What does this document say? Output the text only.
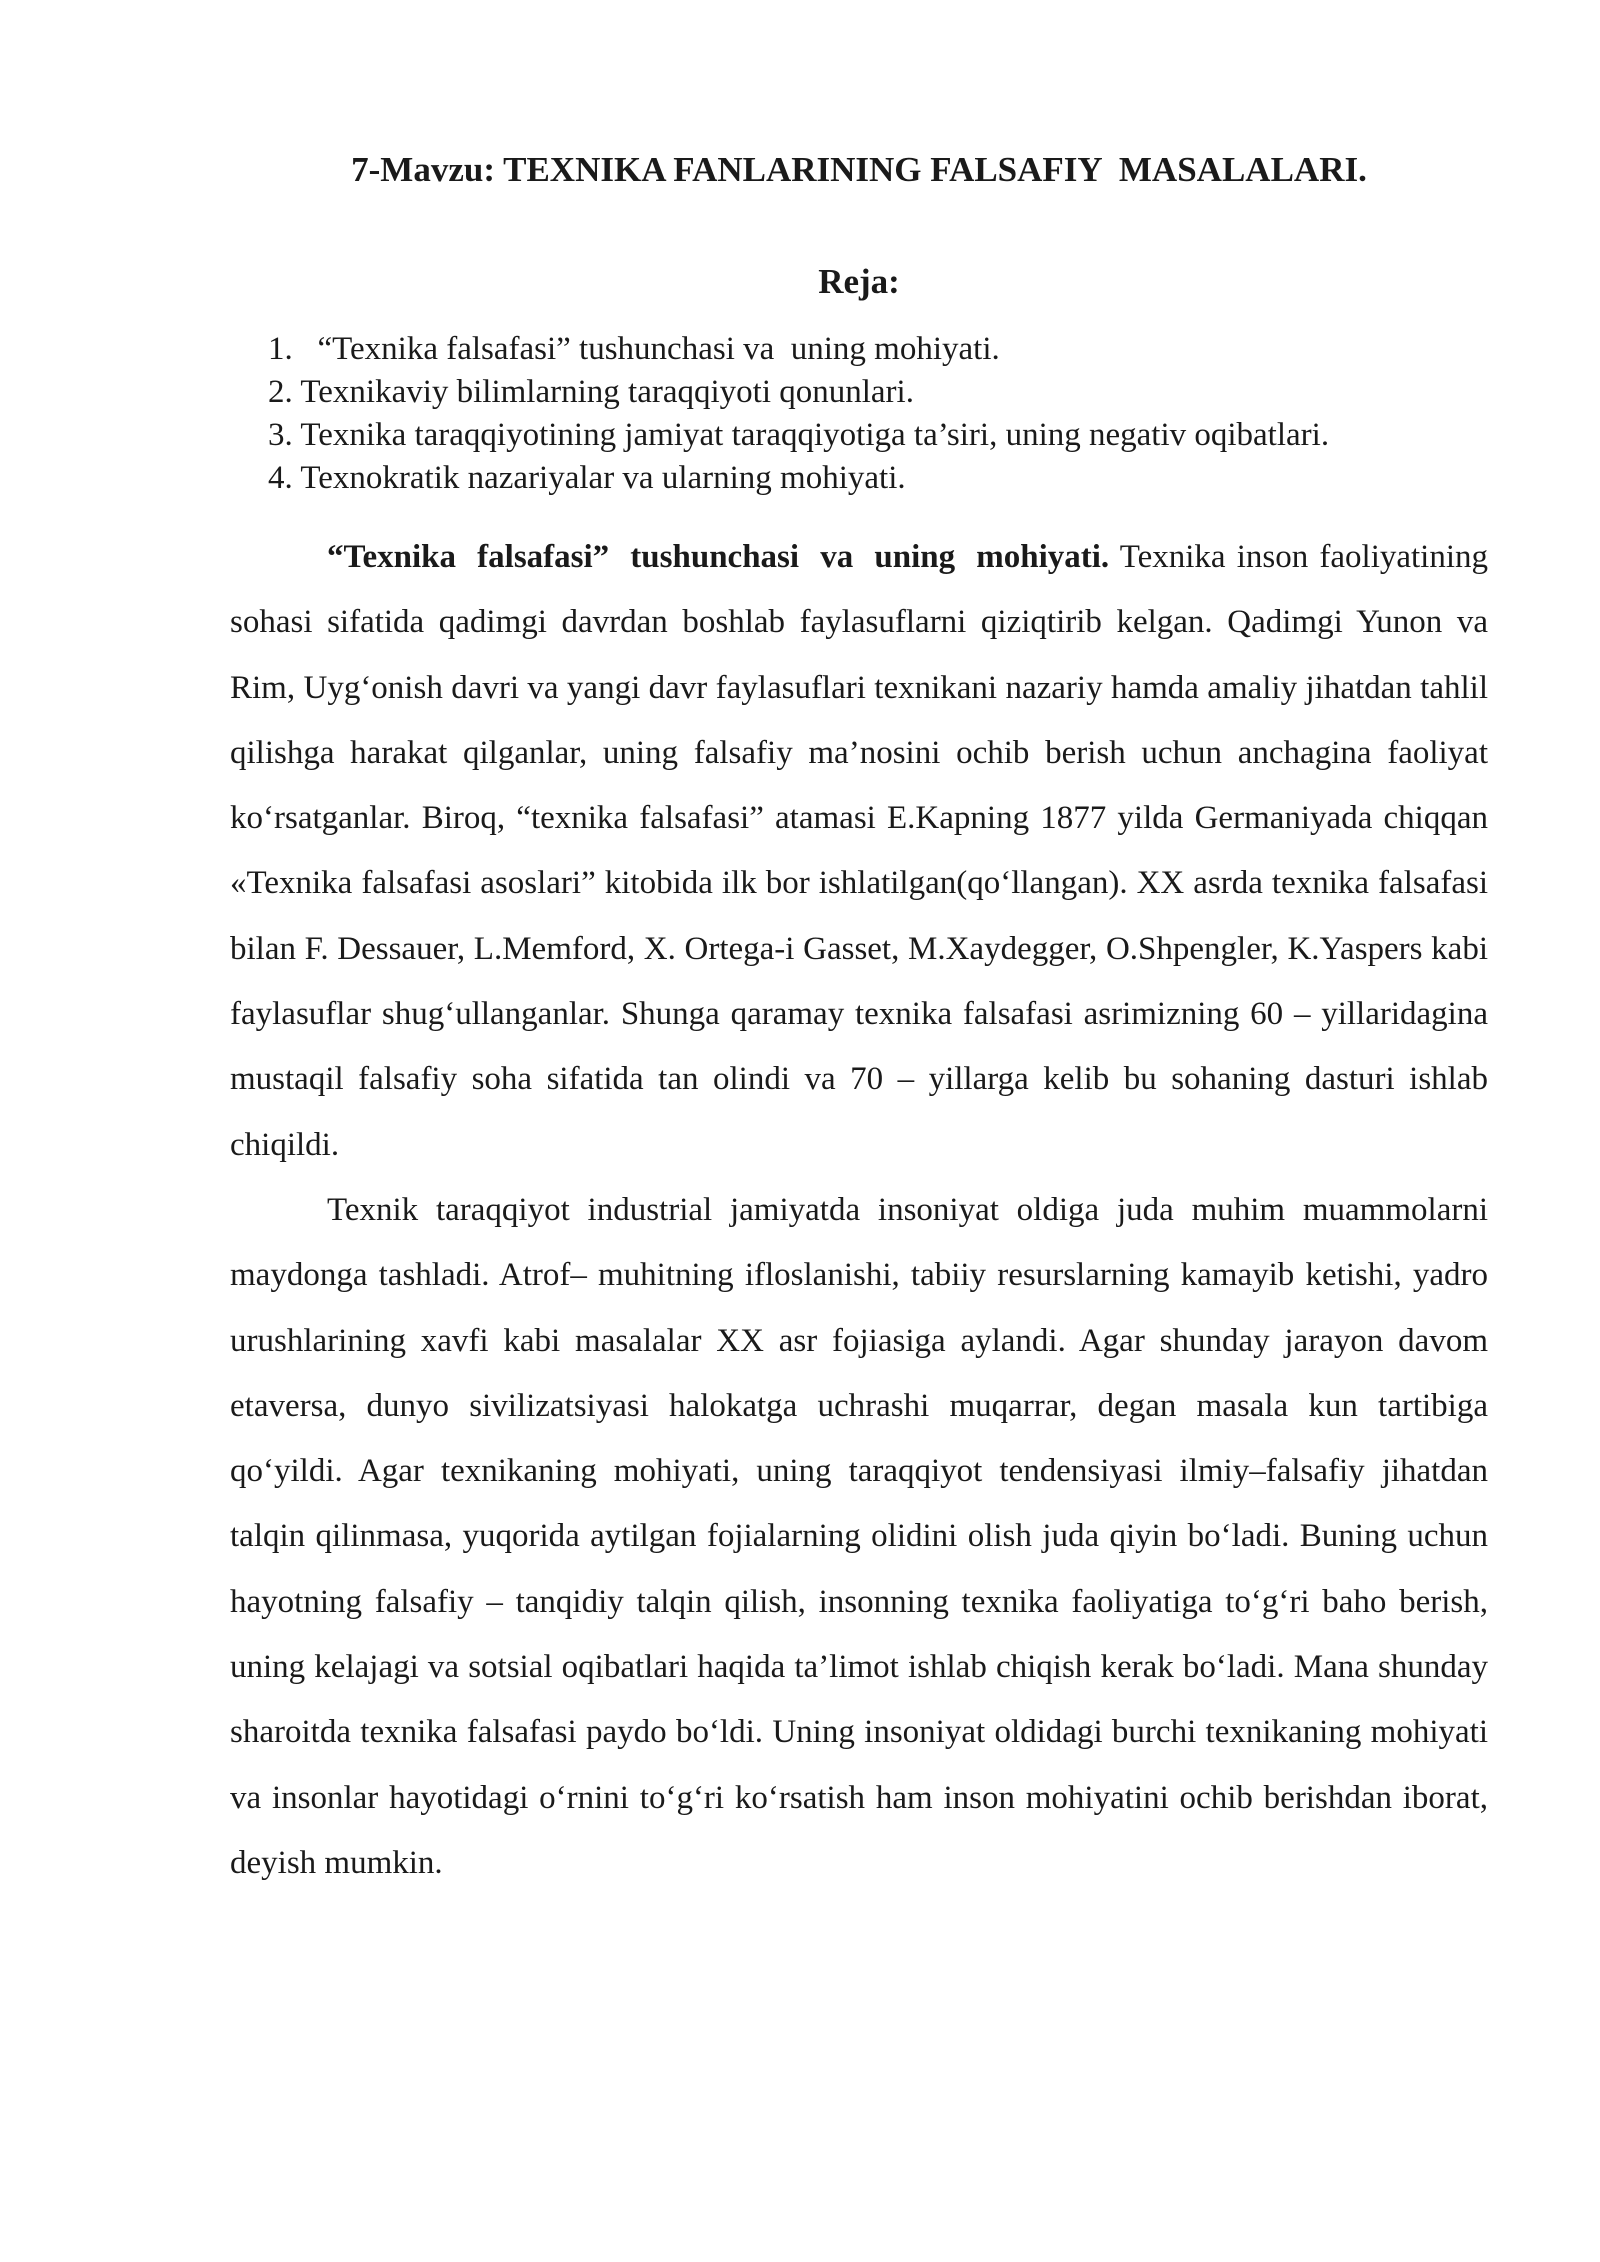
7-Mavzu: TEXNIKA FANLARINING FALSAFIY  MASALALARI.
Reja:
1.   “Texnika falsafasi” tushunchasi va  uning mohiyati.
2. Texnikaviy bilimlarning taraqqiyoti qonunlari.
3. Texnika taraqqiyotining jamiyat taraqqiyotiga ta’siri, uning negativ oqibatlari.
4. Texnokratik nazariyalar va ularning mohiyati.

“Texnika falsafasi” tushunchasi va uning mohiyati. Texnika inson faoliyatining sohasi sifatida qadimgi davrdan boshlab faylasuflarni qiziqtirib kelgan. Qadimgi Yunon va Rim, Uyg‘onish davri va yangi davr faylasuflari texnikani nazariy hamda amaliy jihatdan tahlil qilishga harakat qilganlar, uning falsafiy ma’nosini ochib berish uchun anchagina faoliyat ko‘rsatganlar. Biroq, “texnika falsafasi” atamasi E.Kapning 1877 yilda Germaniyada chiqqan «Texnika falsafasi asoslari” kitobida ilk bor ishlatilgan(qo‘llangan). XX asrda texnika falsafasi bilan F. Dessauer, L.Memford, X. Ortega-i Gasset, M.Xaydegger, O.Shpengler, K.Yaspers kabi faylasuflar shug‘ullanganlar. Shunga qaramay texnika falsafasi asrimizning 60 – yillaridagina mustaqil falsafiy soha sifatida tan olindi va 70 – yillarga kelib bu sohaning dasturi ishlab chiqildi.

Texnik taraqqiyot industrial jamiyatda insoniyat oldiga juda muhim muammolarni maydonga tashladi. Atrof– muhitning ifloslanishi, tabiiy resurslarning kamayib ketishi, yadro urushlarining xavfi kabi masalalar XX asr fojiasiga aylandi. Agar shunday jarayon davom etaversa, dunyo sivilizatsiyasi halokatga uchrashi muqarrar, degan masala kun tartibiga qo‘yildi. Agar texnikaning mohiyati, uning taraqqiyot tendensiyasi ilmiy–falsafiy jihatdan talqin qilinmasa, yuqorida aytilgan fojialarning olidini olish juda qiyin bo‘ladi. Buning uchun hayotning falsafiy – tanqidiy talqin qilish, insonning texnika faoliyatiga to‘g‘ri baho berish, uning kelajagi va sotsial oqibatlari haqida ta’limot ishlab chiqish kerak bo‘ladi. Mana shunday sharoitda texnika falsafasi paydo bo‘ldi. Uning insoniyat oldidagi burchi texnikaning mohiyati va insonlar hayotidagi o‘rnini to‘g‘ri ko‘rsatish ham inson mohiyatini ochib berishdan iborat, deyish mumkin.
